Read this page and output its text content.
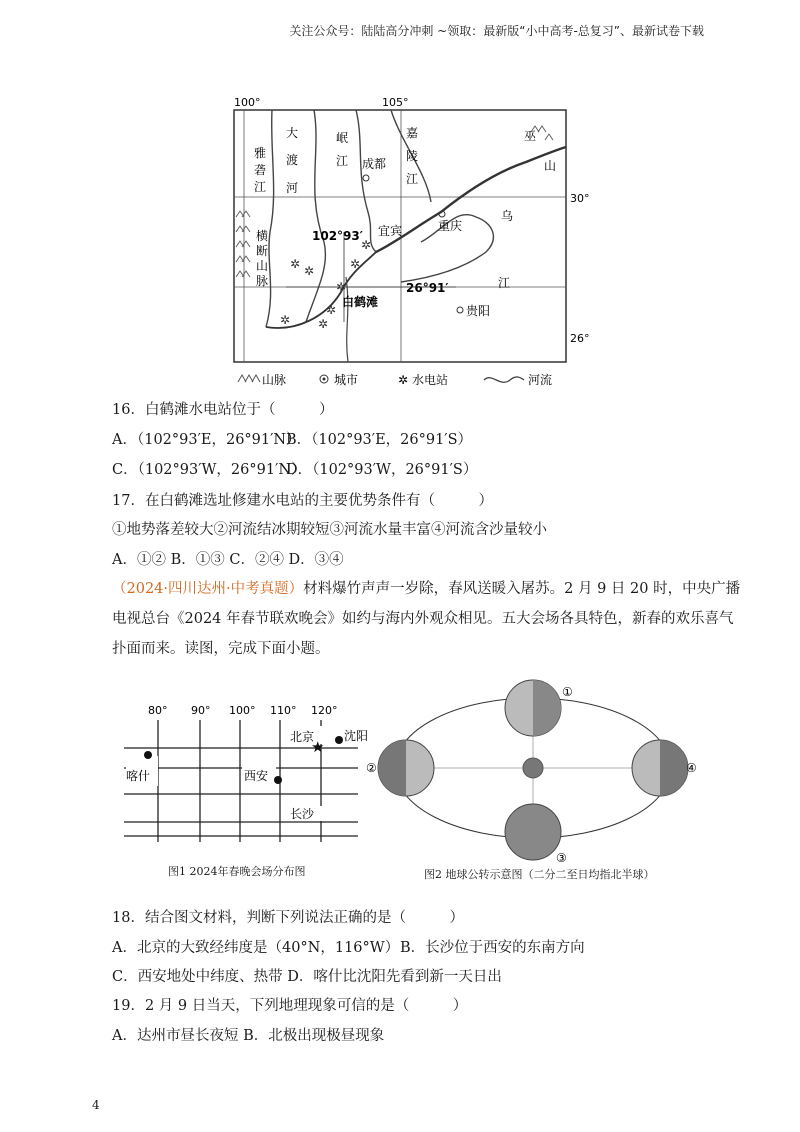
关注公众号：陆陆高分冲刺 ~领取：最新版“小中高考-总复习”、最新试卷下载
100°	105°
30°
26°
雅
砻
江
横
断
山
脉
大
渡
河
岷
江
嘉
陵
江
乌
江
巫
山
成都
宜宾	重庆
贵阳
102°93′
26°91′
白鹤滩
✲
✲
✲ ✲
✲
✲
✲ ✲
山脉	城市	✲ 水电站	河流
16．白鹤滩水电站位于（　　　）
A．（102°93′E，26°91′N）
B．（102°93′E，26°91′S）
C．（102°93′W，26°91′N）
D．（102°93′W，26°91′S）
17．在白鹤滩选址修建水电站的主要优势条件有（　　　）
①地势落差较大②河流结冰期较短③河流水量丰富④河流含沙量较小
A．①② B．①③ C．②④ D．③④
（2024·四川达州·中考真题）材料爆竹声声一岁除，春风送暖入屠苏。2 月 9 日 20 时，中央广播
电视总台《2024 年春节联欢晚会》如约与海内外观众相见。五大会场各具特色，新春的欢乐喜气
扑面而来。读图，完成下面小题。
80° 90° 100° 110° 120°
喀什
北京
★
沈阳
西安
长沙
图1 2024年春晚会场分布图
①
②
③
④
图2 地球公转示意图（二分二至日均指北半球）
18．结合图文材料，判断下列说法正确的是（　　　）
A．北京的大致经纬度是（40°N，116°W） B．长沙位于西安的东南方向
C．西安地处中纬度、热带 D．喀什比沈阳先看到新一天日出
19．2 月 9 日当天，下列地理现象可信的是（　　　）
A．达州市昼长夜短 B．北极出现极昼现象
4
